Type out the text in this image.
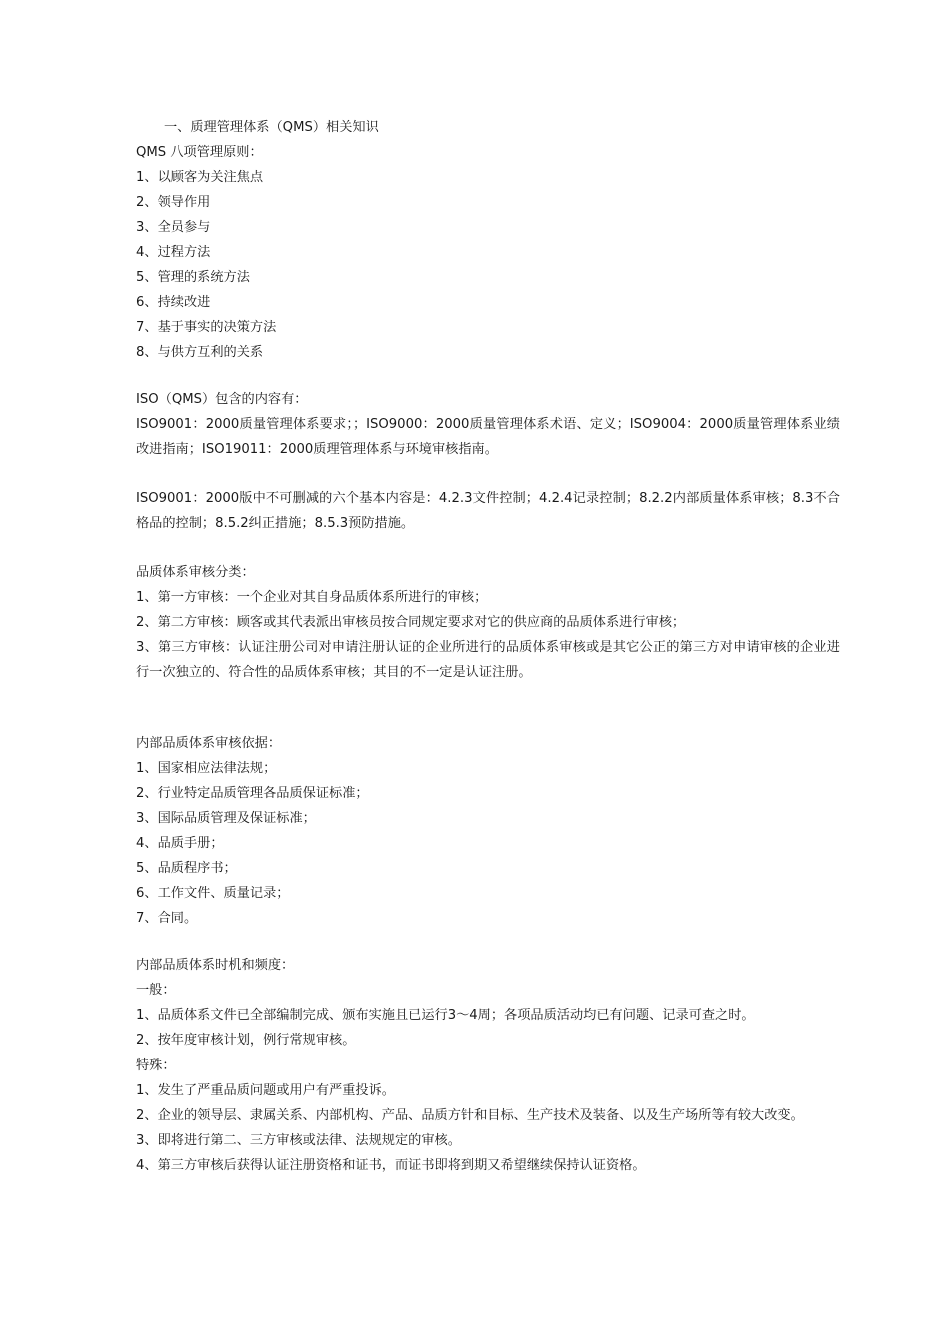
一、质理管理体系（QMS）相关知识

QMS 八项管理原则：

1、以顾客为关注焦点

2、领导作用

3、全员参与

4、过程方法

5、管理的系统方法

6、持续改进

7、基于事实的决策方法

8、与供方互利的关系

ISO（QMS）包含的内容有：

ISO9001：2000质量管理体系要求；；ISO9000：2000质量管理体系术语、定义；ISO9004：2000质量管理体系业绩改进指南；ISO19011：2000质理管理体系与环境审核指南。

ISO9001：2000版中不可删减的六个基本内容是：4.2.3文件控制；4.2.4记录控制；8.2.2内部质量体系审核；8.3不合格品的控制；8.5.2纠正措施；8.5.3预防措施。

品质体系审核分类：

1、第一方审核：一个企业对其自身品质体系所进行的审核；

2、第二方审核：顾客或其代表派出审核员按合同规定要求对它的供应商的品质体系进行审核；

3、第三方审核：认证注册公司对申请注册认证的企业所进行的品质体系审核或是其它公正的第三方对申请审核的企业进行一次独立的、符合性的品质体系审核；其目的不一定是认证注册。

内部品质体系审核依据：

1、国家相应法律法规；

2、行业特定品质管理各品质保证标准；

3、国际品质管理及保证标准；

4、品质手册；

5、品质程序书；

6、工作文件、质量记录；

7、合同。

内部品质体系时机和频度：

一般：

1、品质体系文件已全部编制完成、颁布实施且已运行3～4周；各项品质活动均已有问题、记录可查之时。

2、按年度审核计划，例行常规审核。

特殊：

1、发生了严重品质问题或用户有严重投诉。

2、企业的领导层、隶属关系、内部机构、产品、品质方针和目标、生产技术及装备、以及生产场所等有较大改变。

3、即将进行第二、三方审核或法律、法规规定的审核。

4、第三方审核后获得认证注册资格和证书，而证书即将到期又希望继续保持认证资格。
